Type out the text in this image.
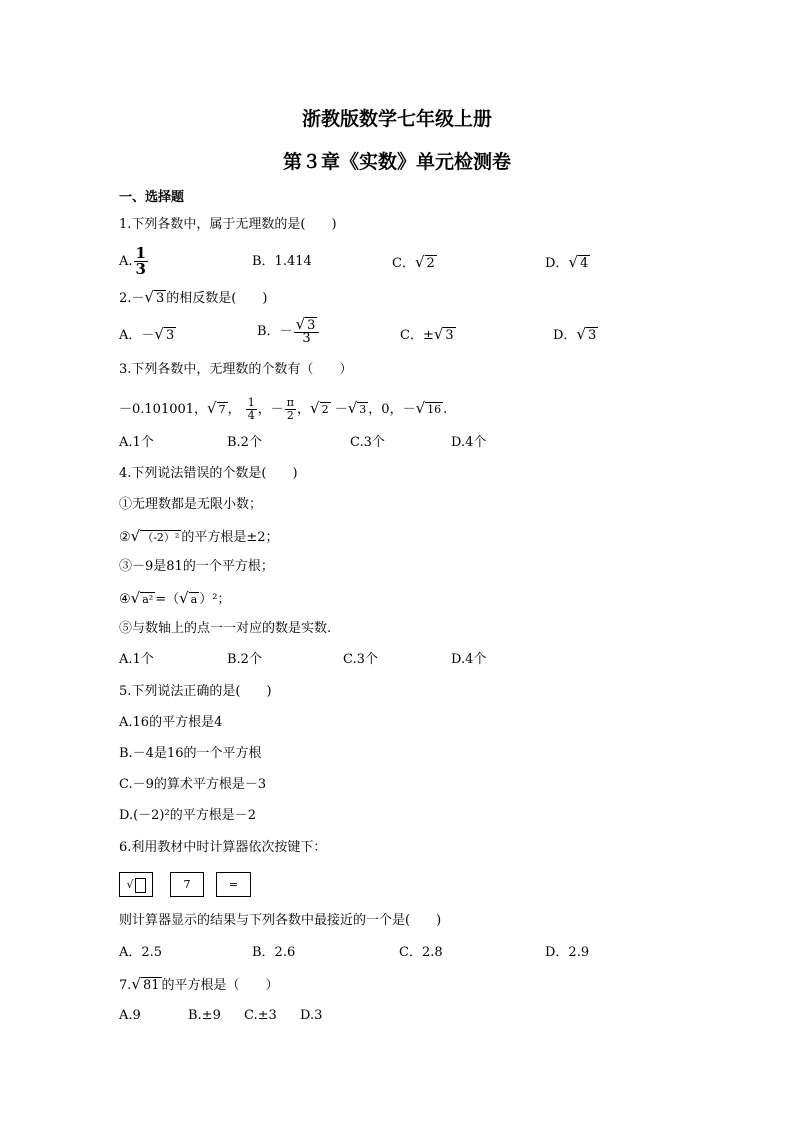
浙教版数学七年级上册
第３章《实数》单元检测卷
一、选择题
1.下列各数中，属于无理数的是(　　)
A. $\frac{1}{3}$	B．1.414	C．√ 2	D．√ 4
2.－√ 3 的相反数是(　　)
A．－√ 3	B．－ $\frac{√ 3}{3}$	C．±√ 3	D．√ 3
3.下列各数中，无理数的个数有（　　）
－0.101001，√ 7 ， $\frac{1}{4}$ ，－ $\frac{\pi}{2}$ ，√ 2 －√ 3 ，0，－√ 16 .
A.1个	B.2个	C.3个	D.4个
4.下列说法错误的个数是(　　)
①无理数都是无限小数；
②√ （-2）² 的平方根是±2；
③－9是81的一个平方根；
④√ a² =（√ a ）²；
⑤与数轴上的点一一对应的数是实数.
A.1个	B.2个	C.3个	D.4个
5.下列说法正确的是(　　)
A.16的平方根是4
B.－4是16的一个平方根
C.－9的算术平方根是－3
D.(－2)²的平方根是－2
6.利用教材中时计算器依次按键下：
√	7	=
则计算器显示的结果与下列各数中最接近的一个是(　　)
A．2.5	B．2.6	C．2.8	D．2.9
7.√ 81 的平方根是（　　）
A.9	B.±9 C.±3 D.3
